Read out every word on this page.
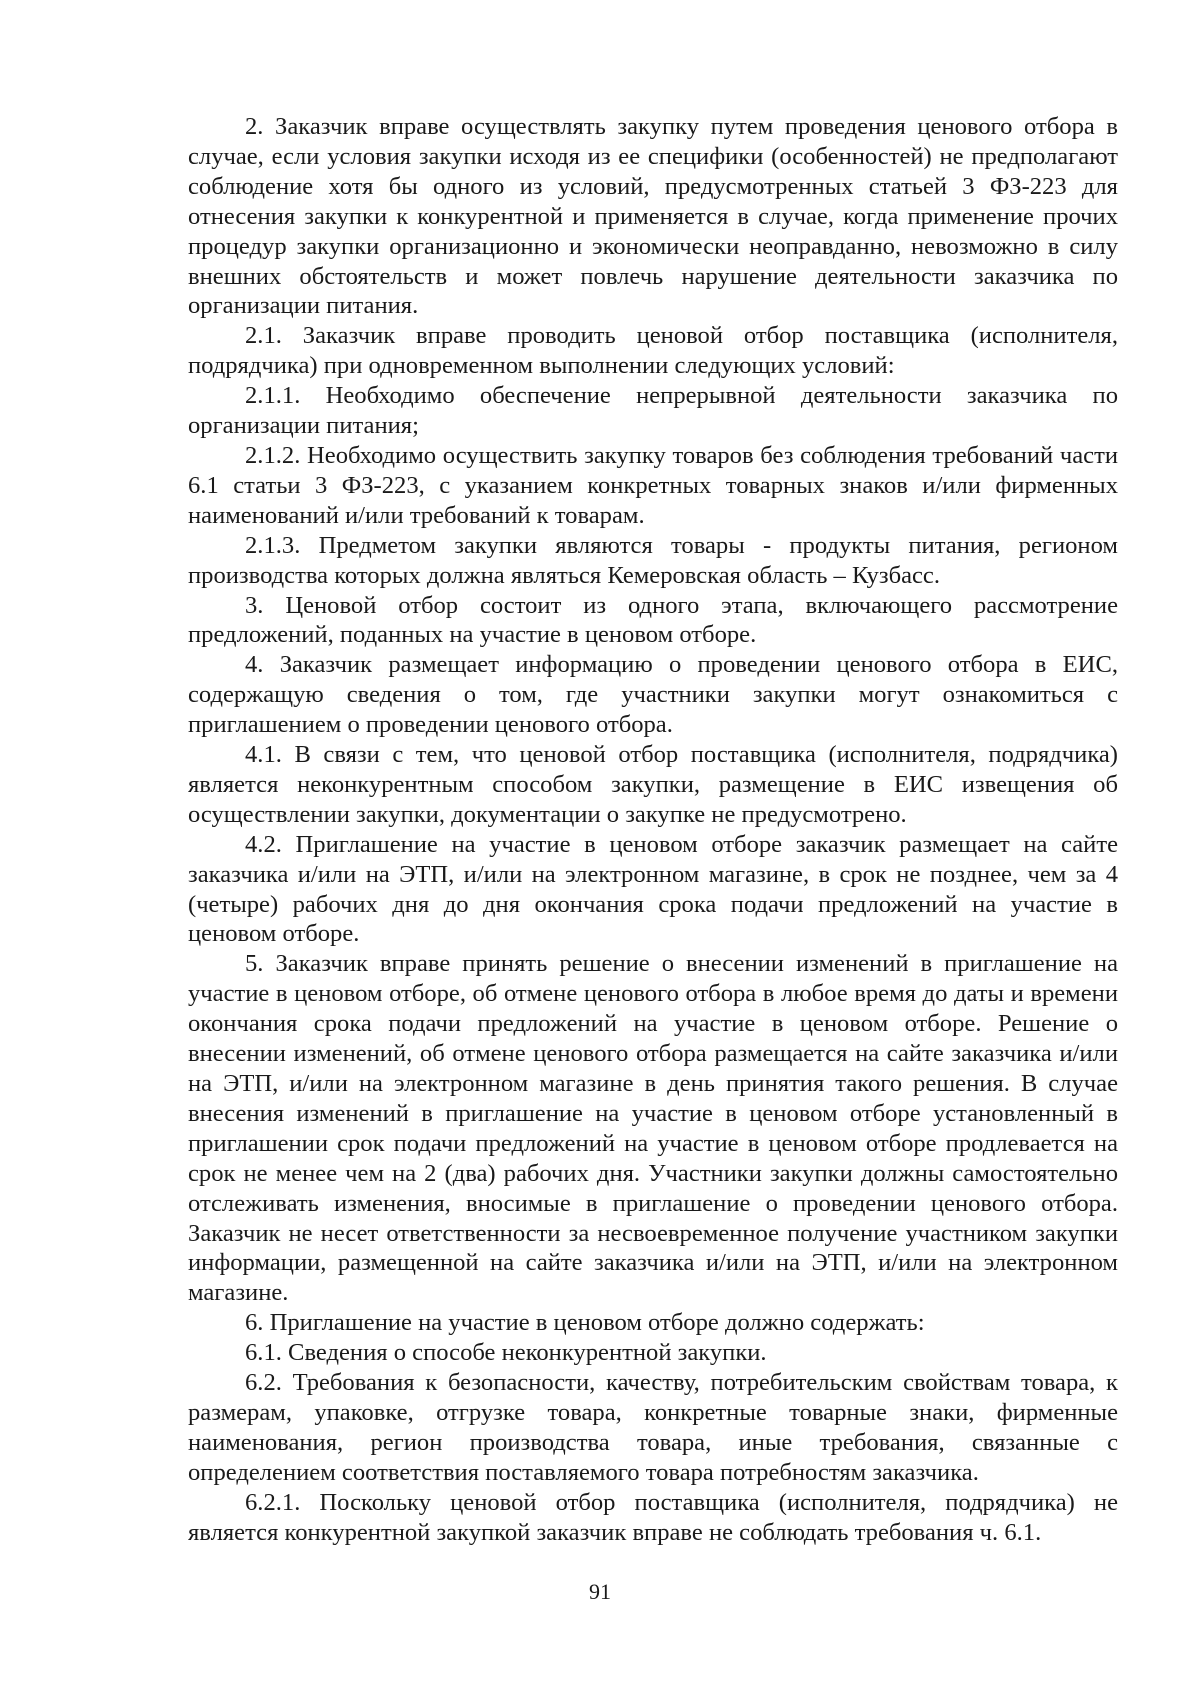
2. Заказчик вправе осуществлять закупку путем проведения ценового отбора в случае, если условия закупки исходя из ее специфики (особенностей) не предполагают соблюдение хотя бы одного из условий, предусмотренных статьей 3 ФЗ-223 для отнесения закупки к конкурентной и применяется в случае, когда применение прочих процедур закупки организационно и экономически неоправданно, невозможно в силу внешних обстоятельств и может повлечь нарушение деятельности заказчика по организации питания.

2.1. Заказчик вправе проводить ценовой отбор поставщика (исполнителя, подрядчика) при одновременном выполнении следующих условий:

2.1.1. Необходимо обеспечение непрерывной деятельности заказчика по организации питания;

2.1.2. Необходимо осуществить закупку товаров без соблюдения требований части 6.1 статьи 3 ФЗ-223, с указанием конкретных товарных знаков и/или фирменных наименований и/или требований к товарам.

2.1.3. Предметом закупки являются товары - продукты питания, регионом производства которых должна являться Кемеровская область – Кузбасс.

3. Ценовой отбор состоит из одного этапа, включающего рассмотрение предложений, поданных на участие в ценовом отборе.

4. Заказчик размещает информацию о проведении ценового отбора в ЕИС, содержащую сведения о том, где участники закупки могут ознакомиться с приглашением о проведении ценового отбора.

4.1. В связи с тем, что ценовой отбор поставщика (исполнителя, подрядчика) является неконкурентным способом закупки, размещение в ЕИС извещения об осуществлении закупки, документации о закупке не предусмотрено.

4.2. Приглашение на участие в ценовом отборе заказчик размещает на сайте заказчика и/или на ЭТП, и/или на электронном магазине, в срок не позднее, чем за 4 (четыре) рабочих дня до дня окончания срока подачи предложений на участие в ценовом отборе.

5. Заказчик вправе принять решение о внесении изменений в приглашение на участие в ценовом отборе, об отмене ценового отбора в любое время до даты и времени окончания срока подачи предложений на участие в ценовом отборе. Решение о внесении изменений, об отмене ценового отбора размещается на сайте заказчика и/или на ЭТП, и/или на электронном магазине в день принятия такого решения. В случае внесения изменений в приглашение на участие в ценовом отборе установленный в приглашении срок подачи предложений на участие в ценовом отборе продлевается на срок не менее чем на 2 (два) рабочих дня. Участники закупки должны самостоятельно отслеживать изменения, вносимые в приглашение о проведении ценового отбора. Заказчик не несет ответственности за несвоевременное получение участником закупки информации, размещенной на сайте заказчика и/или на ЭТП, и/или на электронном магазине.

6. Приглашение на участие в ценовом отборе должно содержать:

6.1. Сведения о способе неконкурентной закупки.

6.2. Требования к безопасности, качеству, потребительским свойствам товара, к размерам, упаковке, отгрузке товара, конкретные товарные знаки, фирменные наименования, регион производства товара, иные требования, связанные с определением соответствия поставляемого товара потребностям заказчика.

6.2.1. Поскольку ценовой отбор поставщика (исполнителя, подрядчика) не является конкурентной закупкой заказчик вправе не соблюдать требования ч. 6.1.

91
